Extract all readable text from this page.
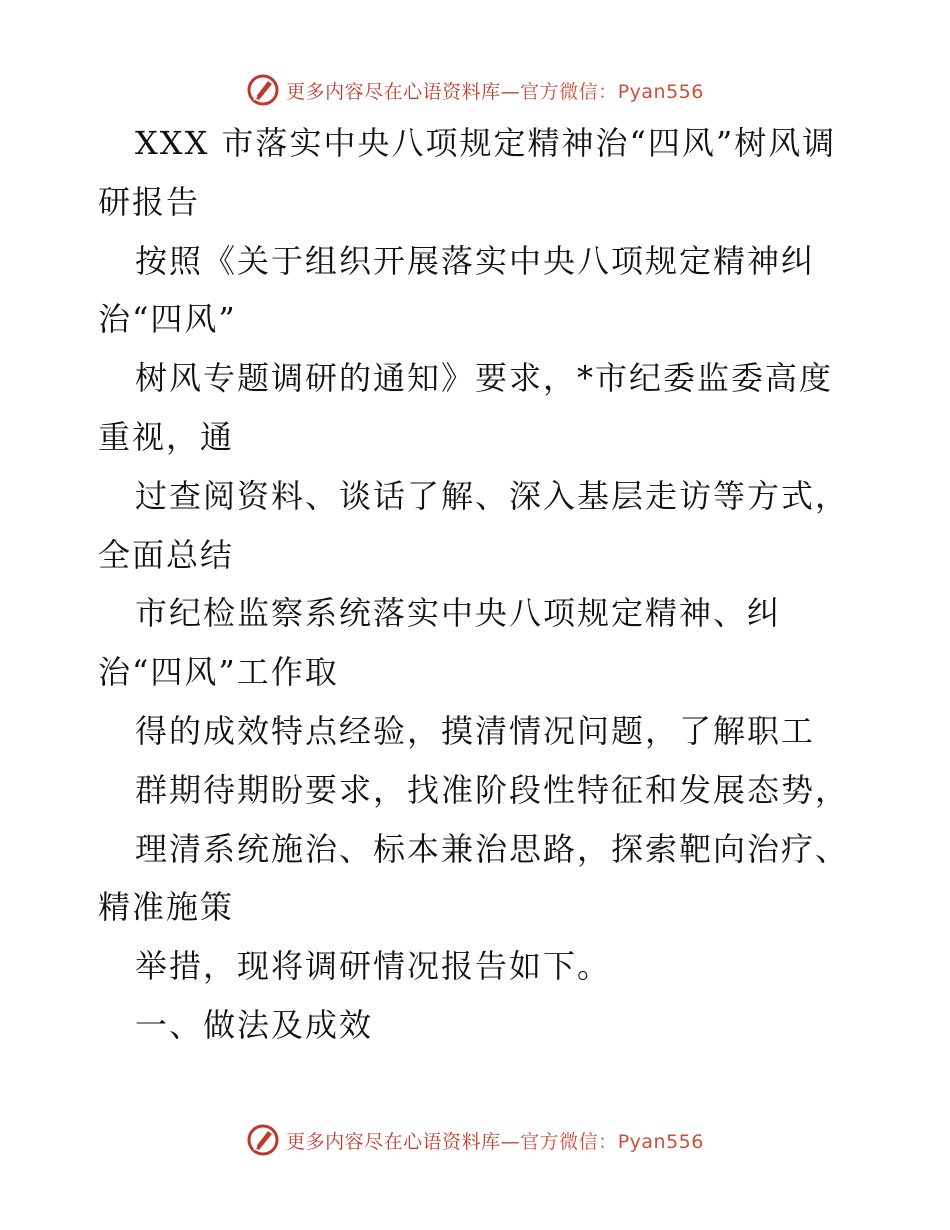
更多内容尽在心语资料库—官方微信：Pyan556
XXX 市落实中央八项规定精神治“四风”树风调
研报告
按照《关于组织开展落实中央八项规定精神纠
治“四风”
树风专题调研的通知》要求，*市纪委监委高度
重视，通
过查阅资料、谈话了解、深入基层走访等方式，
全面总结
市纪检监察系统落实中央八项规定精神、纠
治“四风”工作取
得的成效特点经验，摸清情况问题，了解职工
群期待期盼要求，找准阶段性特征和发展态势，
理清系统施治、标本兼治思路，探索靶向治疗、
精准施策
举措，现将调研情况报告如下。
一、做法及成效
更多内容尽在心语资料库—官方微信：Pyan556
